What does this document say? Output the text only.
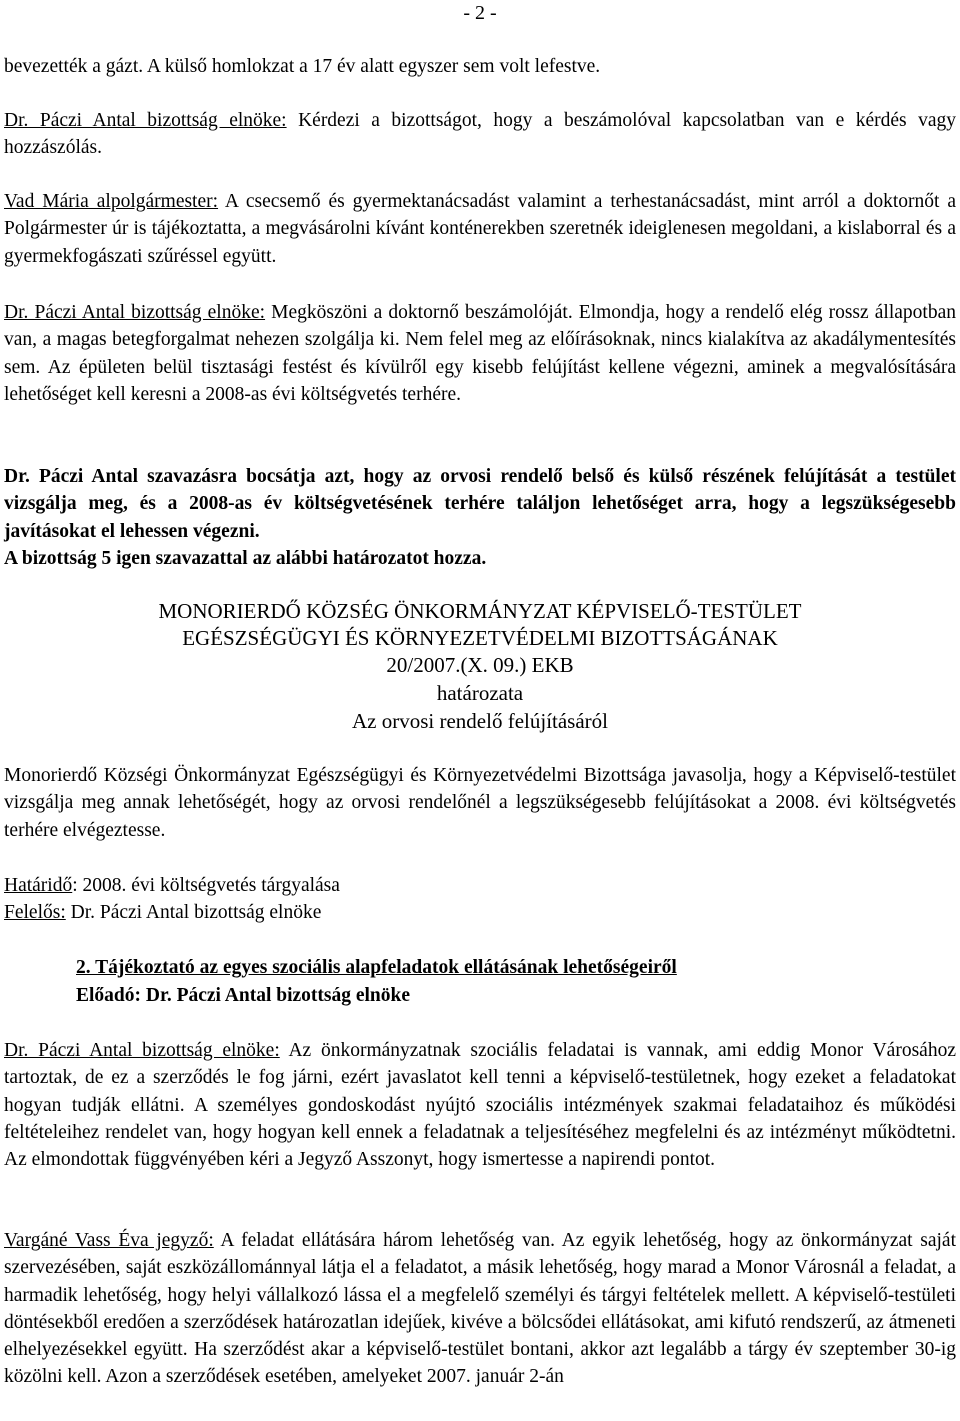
- 2 -

bevezették a gázt. A külső homlokzat a 17 év alatt egyszer sem volt lefestve.

Dr. Páczi Antal bizottság elnöke: Kérdezi a bizottságot, hogy a beszámolóval kapcsolatban van e kérdés vagy hozzászólás.

Vad Mária alpolgármester: A csecsemő és gyermektanácsadást valamint a terhestanácsadást, mint arról a doktornőt a Polgármester úr is tájékoztatta, a megvásárolni kívánt konténerekben szeretnék ideiglenesen megoldani, a kislaborral és a gyermekfogászati szűréssel együtt.

Dr. Páczi Antal bizottság elnöke: Megköszöni a doktornő beszámolóját. Elmondja, hogy a rendelő elég rossz állapotban van, a magas betegforgalmat nehezen szolgálja ki. Nem felel meg az előírásoknak, nincs kialakítva az akadálymentesítés sem. Az épületen belül tisztasági festést és kívülről egy kisebb felújítást kellene végezni, aminek a megvalósítására lehetőséget kell keresni a 2008-as évi költségvetés terhére.

Dr. Páczi Antal szavazásra bocsátja azt, hogy az orvosi rendelő belső és külső részének felújítását a testület vizsgálja meg, és a 2008-as év költségvetésének terhére találjon lehetőséget arra, hogy a legszükségesebb javításokat el lehessen végezni.

A bizottság 5 igen szavazattal az alábbi határozatot hozza.

MONORIERDŐ KÖZSÉG ÖNKORMÁNYZAT KÉPVISELŐ-TESTÜLET

EGÉSZSÉGÜGYI ÉS KÖRNYEZETVÉDELMI BIZOTTSÁGÁNAK

20/2007.(X. 09.) EKB

határozata

Az orvosi rendelő felújításáról

Monorierdő Községi Önkormányzat Egészségügyi és Környezetvédelmi Bizottsága javasolja, hogy a Képviselő-testület vizsgálja meg annak lehetőségét, hogy az orvosi rendelőnél a legszükségesebb felújításokat a 2008. évi költségvetés terhére elvégeztesse.

Határidő: 2008. évi költségvetés tárgyalása

Felelős: Dr. Páczi Antal bizottság elnöke

2. Tájékoztató az egyes szociális alapfeladatok ellátásának lehetőségeiről

Előadó: Dr. Páczi Antal bizottság elnöke

Dr. Páczi Antal bizottság elnöke: Az önkormányzatnak szociális feladatai is vannak, ami eddig Monor Városához tartoztak, de ez a szerződés le fog járni, ezért javaslatot kell tenni a képviselő-testületnek, hogy ezeket a feladatokat hogyan tudják ellátni. A személyes gondoskodást nyújtó szociális intézmények szakmai feladataihoz és működési feltételeihez rendelet van, hogy hogyan kell ennek a feladatnak a teljesítéséhez megfelelni és az intézményt működtetni. Az elmondottak függvényében kéri a Jegyző Asszonyt, hogy ismertesse a napirendi pontot.

Vargáné Vass Éva jegyző: A feladat ellátására három lehetőség van. Az egyik lehetőség, hogy az önkormányzat saját szervezésében, saját eszközállománnyal látja el a feladatot, a másik lehetőség, hogy marad a Monor Városnál a feladat, a harmadik lehetőség, hogy helyi vállalkozó lássa el a megfelelő személyi és tárgyi feltételek mellett. A képviselő-testületi döntésekből eredően a szerződések határozatlan idejűek, kivéve a bölcsődei ellátásokat, ami kifutó rendszerű, az átmeneti elhelyezésekkel együtt. Ha szerződést akar a képviselő-testület bontani, akkor azt legalább a tárgy év szeptember 30-ig közölni kell. Azon a szerződések esetében, amelyeket 2007. január 2-án
